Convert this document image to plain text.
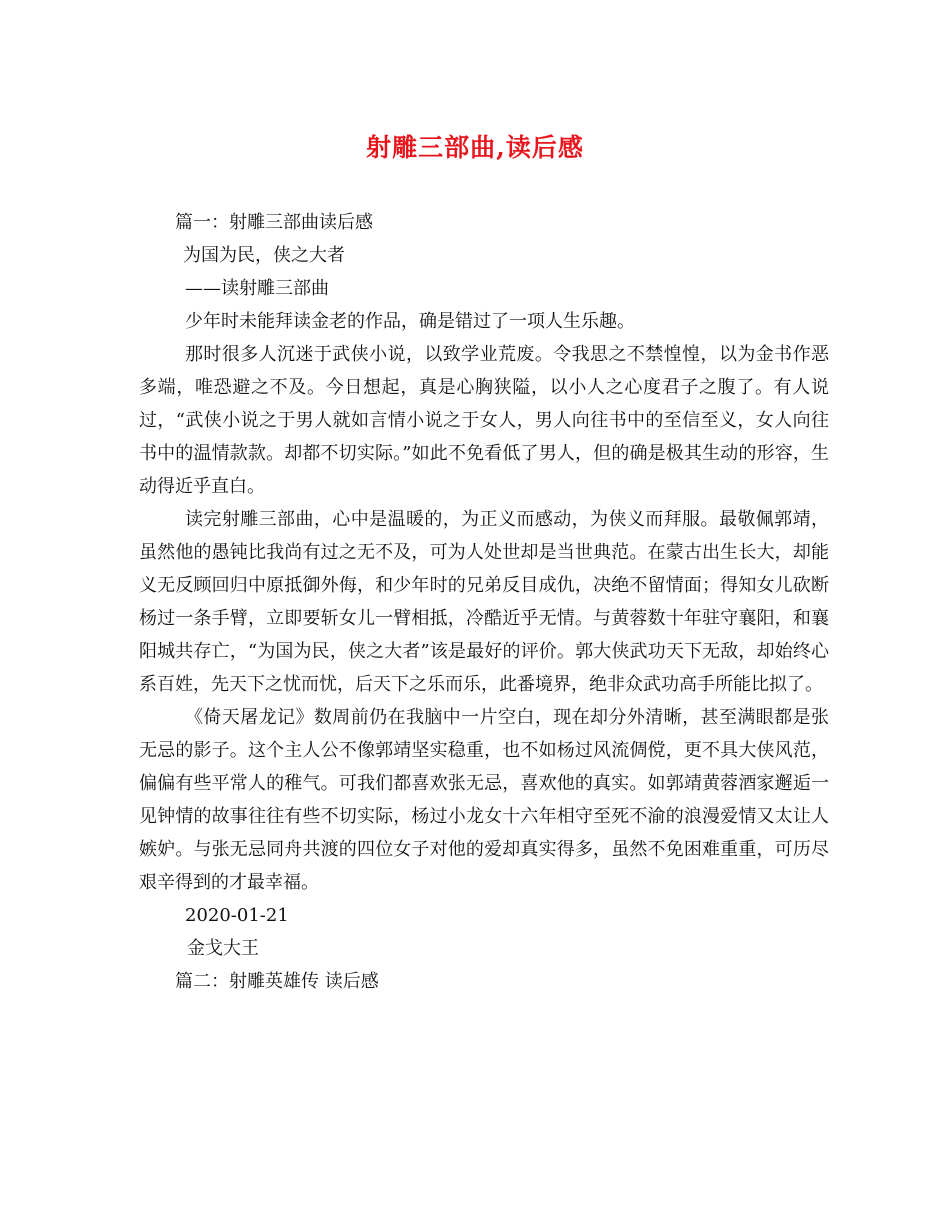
射雕三部曲,读后感

篇一：射雕三部曲读后感

为国为民，侠之大者

——读射雕三部曲

少年时未能拜读金老的作品，确是错过了一项人生乐趣。

那时很多人沉迷于武侠小说，以致学业荒废。令我思之不禁惶惶，以为金书作恶多端，唯恐避之不及。今日想起，真是心胸狭隘，以小人之心度君子之腹了。有人说过，“武侠小说之于男人就如言情小说之于女人，男人向往书中的至信至义，女人向往书中的温情款款。却都不切实际。”如此不免看低了男人，但的确是极其生动的形容，生动得近乎直白。

读完射雕三部曲，心中是温暖的，为正义而感动，为侠义而拜服。最敬佩郭靖，虽然他的愚钝比我尚有过之无不及，可为人处世却是当世典范。在蒙古出生长大，却能义无反顾回归中原抵御外侮，和少年时的兄弟反目成仇，决绝不留情面；得知女儿砍断杨过一条手臂，立即要斩女儿一臂相抵，冷酷近乎无情。与黄蓉数十年驻守襄阳，和襄阳城共存亡，“为国为民，侠之大者”该是最好的评价。郭大侠武功天下无敌，却始终心系百姓，先天下之忧而忧，后天下之乐而乐，此番境界，绝非众武功高手所能比拟了。

《倚天屠龙记》数周前仍在我脑中一片空白，现在却分外清晰，甚至满眼都是张无忌的影子。这个主人公不像郭靖坚实稳重，也不如杨过风流倜傥，更不具大侠风范，偏偏有些平常人的稚气。可我们都喜欢张无忌，喜欢他的真实。如郭靖黄蓉酒家邂逅一见钟情的故事往往有些不切实际，杨过小龙女十六年相守至死不渝的浪漫爱情又太让人嫉妒。与张无忌同舟共渡的四位女子对他的爱却真实得多，虽然不免困难重重，可历尽艰辛得到的才最幸福。

2020-01-21

金戈大王

篇二：射雕英雄传 读后感
